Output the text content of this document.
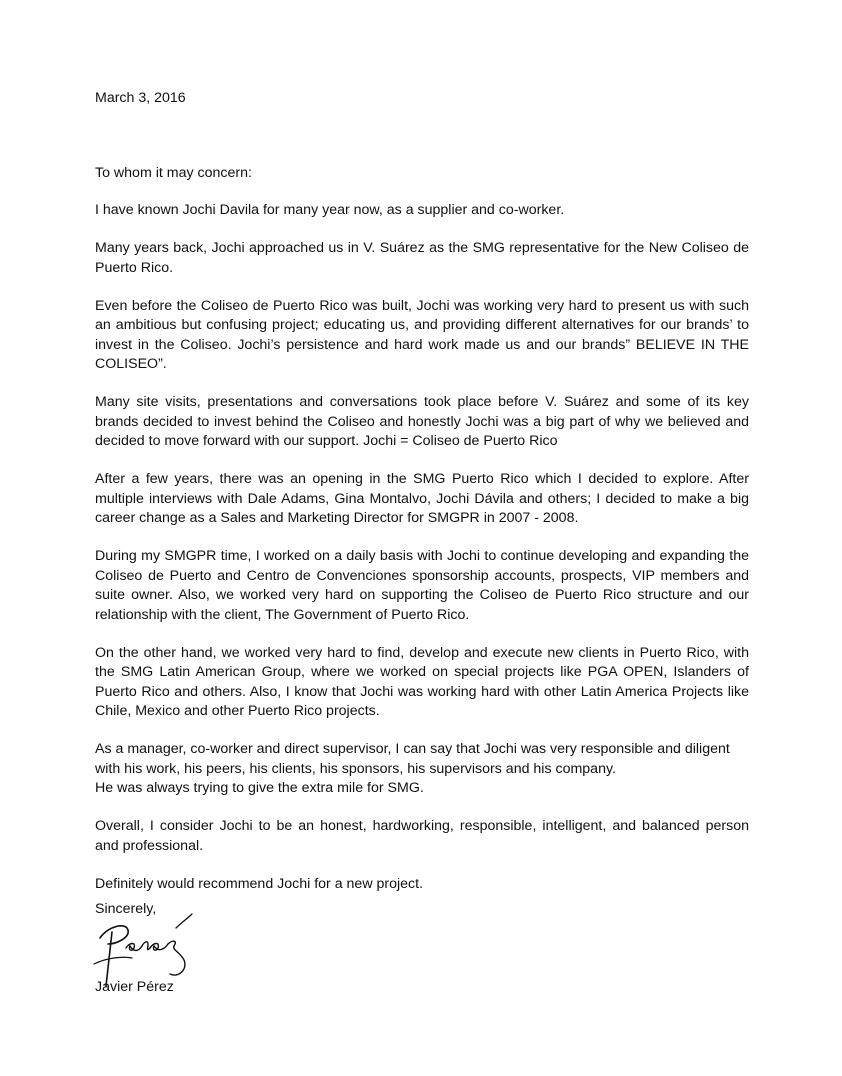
March 3, 2016

To whom it may concern:

I have known Jochi Davila for many year now, as a supplier and co-worker.

Many years back, Jochi approached us in V. Suárez as the SMG representative for the New Coliseo de Puerto Rico.

Even before the Coliseo de Puerto Rico was built, Jochi was working very hard to present us with such an ambitious but confusing project; educating us, and providing different alternatives for our brands’ to invest in the Coliseo. Jochi’s persistence and hard work made us and our brands” BELIEVE IN THE COLISEO”.

Many site visits, presentations and conversations took place before V. Suárez and some of its key brands decided to invest behind the Coliseo and honestly Jochi was a big part of why we believed and decided to move forward with our support. Jochi = Coliseo de Puerto Rico

After a few years, there was an opening in the SMG Puerto Rico which I decided to explore. After multiple interviews with Dale Adams, Gina Montalvo, Jochi Dávila and others; I decided to make a big career change as a Sales and Marketing Director for SMGPR in 2007 - 2008.

During my SMGPR time, I worked on a daily basis with Jochi to continue developing and expanding the Coliseo de Puerto and Centro de Convenciones sponsorship accounts, prospects, VIP members and suite owner. Also, we worked very hard on supporting the Coliseo de Puerto Rico structure and our relationship with the client, The Government of Puerto Rico.

On the other hand, we worked very hard to find, develop and execute new clients in Puerto Rico, with the SMG Latin American Group, where we worked on special projects like PGA OPEN, Islanders of Puerto Rico and others. Also, I know that Jochi was working hard with other Latin America Projects like Chile, Mexico and other Puerto Rico projects.

As a manager, co-worker and direct supervisor, I can say that Jochi was very responsible and diligent
with his work, his peers, his clients, his sponsors, his supervisors and his company.
He was always trying to give the extra mile for SMG.

Overall, I consider Jochi to be an honest, hardworking, responsible, intelligent, and balanced person and professional.

Definitely would recommend Jochi for a new project.

Sincerely,

Javier Pérez
